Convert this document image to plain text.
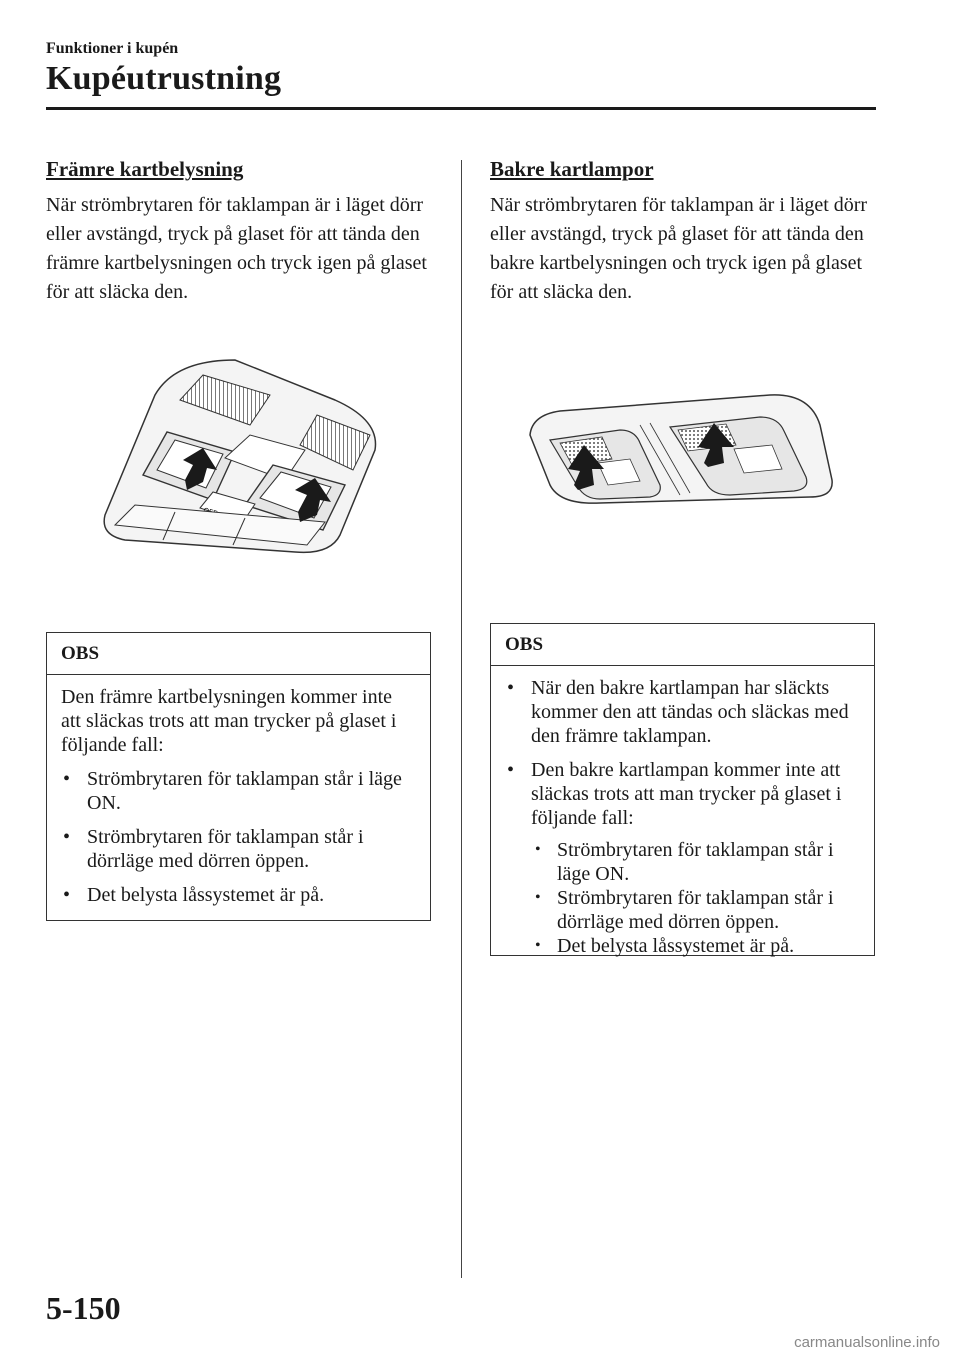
Funktioner i kupén
Kupéutrustning
Främre kartbelysning

När strömbrytaren för taklampan är i läget dörr eller avstängd, tryck på glaset för att tända den främre kartbelysningen och tryck igen på glaset för att släcka den.

OBS

Den främre kartbelysningen kommer inte att släckas trots att man trycker på glaset i följande fall:

• Strömbrytaren för taklampan står i läge ON.
• Strömbrytaren för taklampan står i dörrläge med dörren öppen.
• Det belysta låssystemet är på.
Bakre kartlampor

När strömbrytaren för taklampan är i läget dörr eller avstängd, tryck på glaset för att tända den bakre kartbelysningen och tryck igen på glaset för att släcka den.

OBS
• När den bakre kartlampan har släckts kommer den att tändas och släckas med den främre taklampan.
• Den bakre kartlampan kommer inte att släckas trots att man trycker på glaset i följande fall:
• Strömbrytaren för taklampan står i läge ON.
• Strömbrytaren för taklampan står i dörrläge med dörren öppen.
• Det belysta låssystemet är på.
5-150
carmanualsonline.info
